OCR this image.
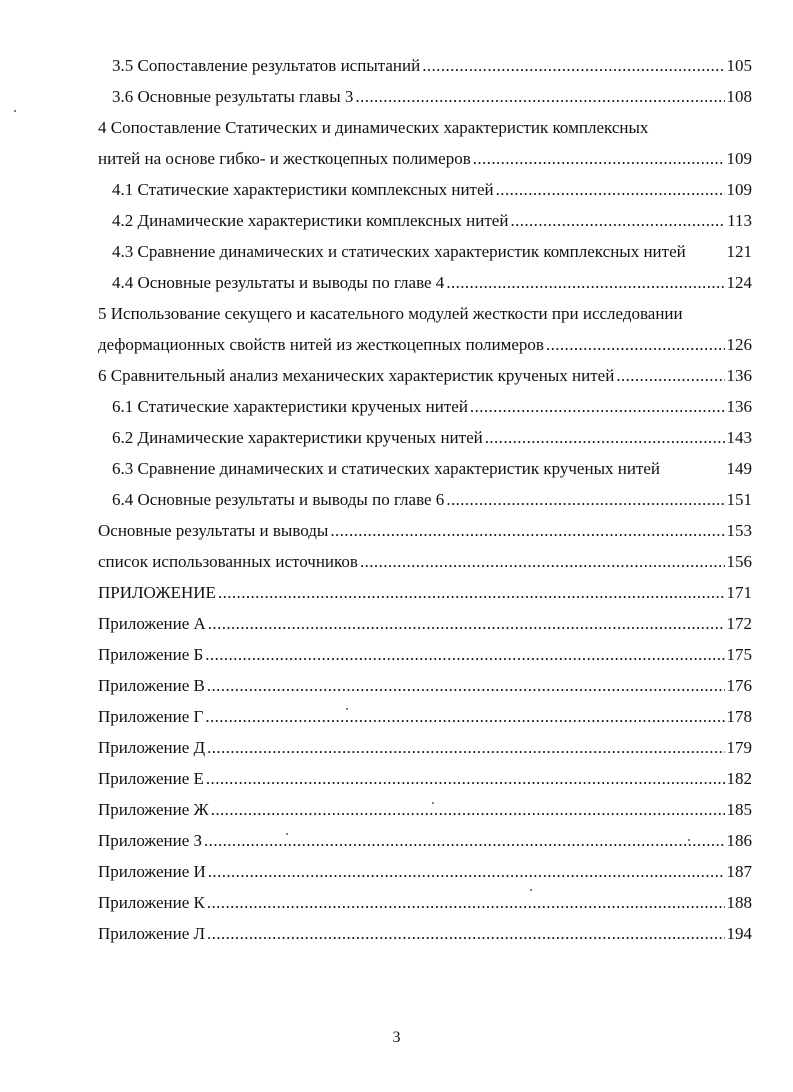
3.5 Сопоставление результатов испытаний .....	105
3.6 Основные результаты главы 3 .....	108
4 Сопоставление Статических и динамических характеристик комплексных
нитей на основе гибко- и жесткоцепных полимеров .....	109
4.1 Статические характеристики комплексных нитей .....	109
4.2 Динамические характеристики комплексных нитей .....	113
4.3 Сравнение динамических и статических характеристик комплексных нитей 121
4.4 Основные результаты и выводы по главе 4 .....	124
5 Использование секущего и касательного модулей жесткости при исследовании
деформационных свойств нитей из жесткоцепных полимеров .....	126
6 Сравнительный анализ механических характеристик крученых нитей .....	136
6.1 Статические характеристики крученых нитей .....	136
6.2 Динамические характеристики крученых нитей .....	143
6.3 Сравнение динамических и статических характеристик крученых нитей	149
6.4 Основные результаты и выводы по главе 6 .....	151
Основные результаты и выводы .....	153
список использованных источников .....	156
ПРИЛОЖЕНИЕ .....	171
Приложение А .....	172
Приложение Б .....	175
Приложение В .....	176
Приложение Г .....	178
Приложение Д .....	179
Приложение Е .....	182
Приложение Ж .....	185
Приложение З .....	186
Приложение И .....	187
Приложение К .....	188
Приложение Л .....	194
3
